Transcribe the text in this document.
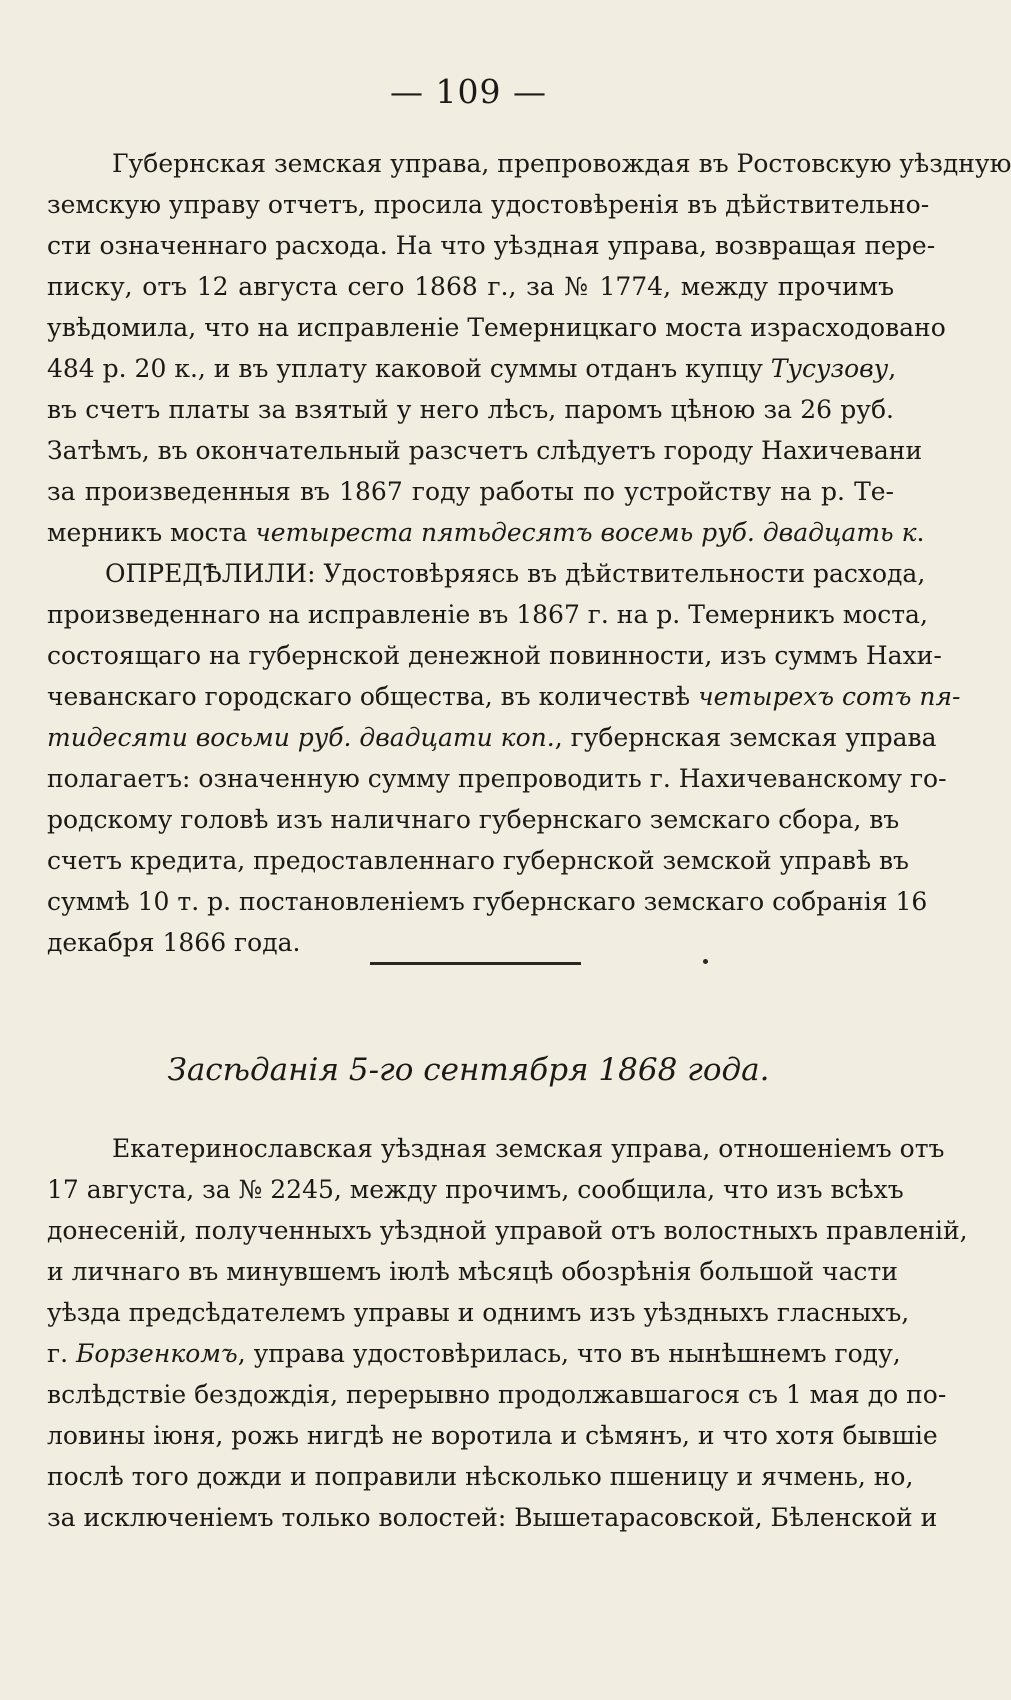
— 109 —
Губернская земская управа, препровождая въ Ростовскую уѣздную
земскую управу отчетъ, просила удостовѣренія въ дѣйствительно-
сти означеннаго расхода. На что уѣздная управа, возвращая пере-
писку, отъ 12 августа сего 1868 г., за № 1774, между прочимъ
увѣдомила, что на исправленіе Темерницкаго моста израсходовано
484 р. 20 к., и въ уплату каковой суммы отданъ купцу Тусузову,
въ счетъ платы за взятый у него лѣсъ, паромъ цѣною за 26 руб.
Затѣмъ, въ окончательный разсчетъ слѣдуетъ городу Нахичевани
за произведенныя въ 1867 году работы по устройству на р. Те-
мерникъ моста четыреста пятьдесятъ восемь руб. двадцать к.
ОПРЕДѢЛИЛИ: Удостовѣряясь въ дѣйствительности расхода,
произведеннаго на исправленіе въ 1867 г. на р. Темерникъ моста,
состоящаго на губернской денежной повинности, изъ суммъ Нахи-
чеванскаго городскаго общества, въ количествѣ четырехъ сотъ пя-
тидесяти восьми руб. двадцати коп., губернская земская управа
полагаетъ: означенную сумму препроводить г. Нахичеванскому го-
родскому головѣ изъ наличнаго губернскаго земскаго сбора, въ
счетъ кредита, предоставленнаго губернской земской управѣ въ
суммѣ 10 т. р. постановленіемъ губернскаго земскаго собранія 16
декабря 1866 года.
Засѣданія 5-го сентября 1868 года.
Екатеринославская уѣздная земская управа, отношеніемъ отъ
17 августа, за № 2245, между прочимъ, сообщила, что изъ всѣхъ
донесеній, полученныхъ уѣздной управой отъ волостныхъ правленій,
и личнаго въ минувшемъ іюлѣ мѣсяцѣ обозрѣнія большой части
уѣзда предсѣдателемъ управы и однимъ изъ уѣздныхъ гласныхъ,
г. Борзенкомъ, управа удостовѣрилась, что въ нынѣшнемъ году,
вслѣдствіе бездождія, перерывно продолжавшагося съ 1 мая до по-
ловины іюня, рожь нигдѣ не воротила и сѣмянъ, и что хотя бывшіе
послѣ того дожди и поправили нѣсколько пшеницу и ячмень, но,
за исключеніемъ только волостей: Вышетарасовской, Бѣленской и
